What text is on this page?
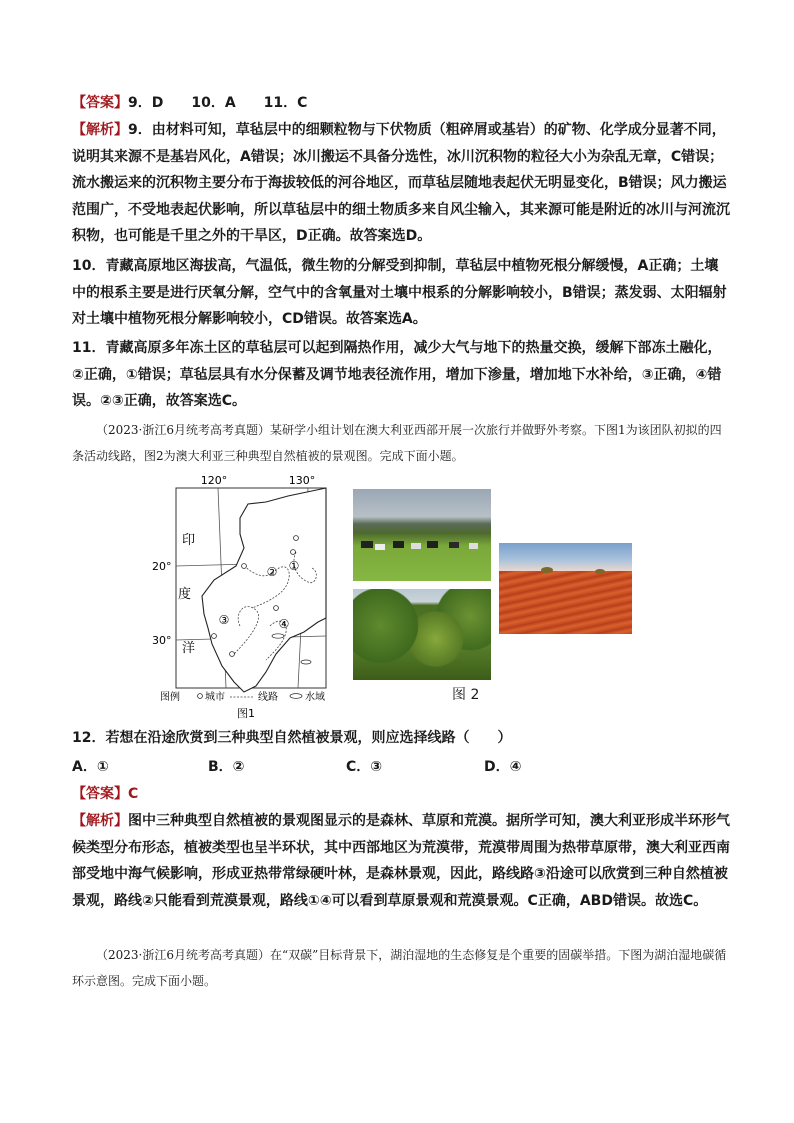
【答案】9．D　　10．A　　11．C
【解析】9．由材料可知，草毡层中的细颗粒物与下伏物质（粗碎屑或基岩）的矿物、化学成分显著不同，说明其来源不是基岩风化，A错误；冰川搬运不具备分选性，冰川沉积物的粒径大小为杂乱无章，C错误；流水搬运来的沉积物主要分布于海拔较低的河谷地区，而草毡层随地表起伏无明显变化，B错误；风力搬运范围广，不受地表起伏影响，所以草毡层中的细土物质多来自风尘输入，其来源可能是附近的冰川与河流沉积物，也可能是千里之外的干旱区，D正确。故答案选D。
10．青藏高原地区海拔高，气温低，微生物的分解受到抑制，草毡层中植物死根分解缓慢，A正确；土壤中的根系主要是进行厌氧分解，空气中的含氧量对土壤中根系的分解影响较小，B错误；蒸发弱、太阳辐射对土壤中植物死根分解影响较小，CD错误。故答案选A。
11．青藏高原多年冻土区的草毡层可以起到隔热作用，减少大气与地下的热量交换，缓解下部冻土融化，②正确，①错误；草毡层具有水分保蓄及调节地表径流作用，增加下渗量，增加地下水补给，③正确，④错误。②③正确，故答案选C。
（2023·浙江6月统考高考真题）某研学小组计划在澳大利亚西部开展一次旅行并做野外考察。下图1为该团队初拟的四条活动线路，图2为澳大利亚三种典型自然植被的景观图。完成下面小题。
120°	130°
20°
30°
印
度
洋
①
②
③	④
图例	城市	线路	水域
图1
图 2
12．若想在沿途欣赏到三种典型自然植被景观，则应选择线路（　　）
A．①	B．②	C．③	D．④
【答案】C
【解析】图中三种典型自然植被的景观图显示的是森林、草原和荒漠。据所学可知，澳大利亚形成半环形气候类型分布形态，植被类型也呈半环状，其中西部地区为荒漠带，荒漠带周围为热带草原带，澳大利亚西南部受地中海气候影响，形成亚热带常绿硬叶林，是森林景观，因此，路线路③沿途可以欣赏到三种自然植被景观，路线②只能看到荒漠景观，路线①④可以看到草原景观和荒漠景观。C正确，ABD错误。故选C。
（2023·浙江6月统考高考真题）在“双碳”目标背景下，湖泊湿地的生态修复是个重要的固碳举措。下图为湖泊湿地碳循环示意图。完成下面小题。
